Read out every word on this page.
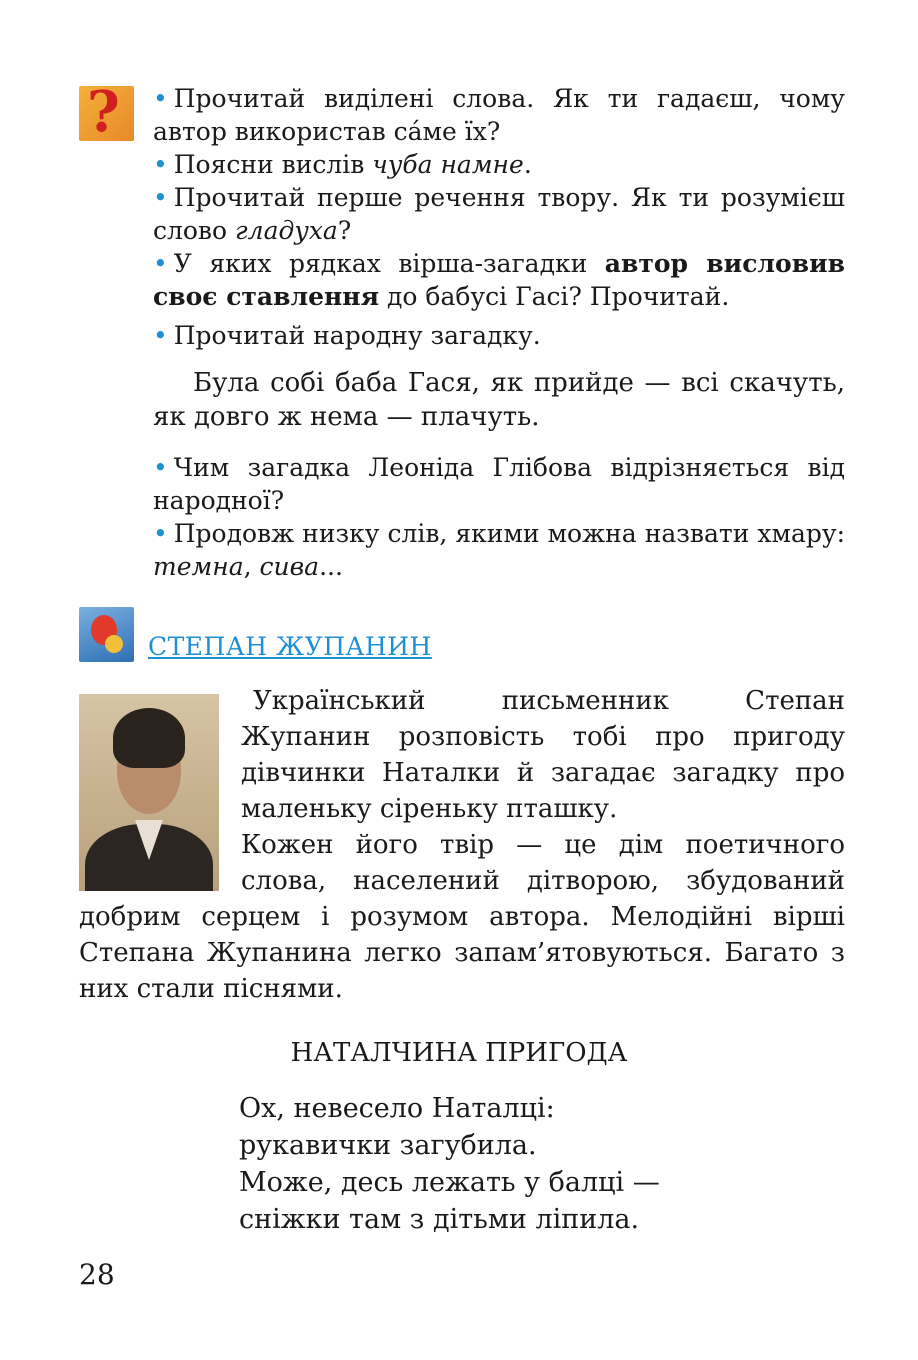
? • Прочитай виділені слова. Як ти гадаєш, чому автор використав сáме їх?
• Поясни вислів чуба намне.
• Прочитай перше речення твору. Як ти розумієш слово гладуха?
• У яких рядках вірша-загадки автор висловив своє ставлення до бабусі Гасі? Прочитай.
• Прочитай народну загадку.
Була собі баба Гася, як прийде — всі скачуть, як довго ж нема — плачуть.
• Чим загадка Леоніда Глібова відрізняється від народної?
• Продовж низку слів, якими можна назвати хмару: темна, сива...
СТЕПАН ЖУПАНИН

Український письменник Степан Жупанин розповість тобі про пригоду дівчинки Наталки й загадає загадку про маленьку сіреньку пташку.

Кожен його твір — це дім поетичного слова, населений дітворою, збудований добрим серцем і розумом автора. Мелодійні вірші Степана Жупанина легко запам’ятовуються. Багато з них стали піснями.

НАТАЛЧИНА ПРИГОДА
Ох, невесело Наталці:
рукавички загубила.
Може, десь лежать у балці —
сніжки там з дітьми ліпила.
28
